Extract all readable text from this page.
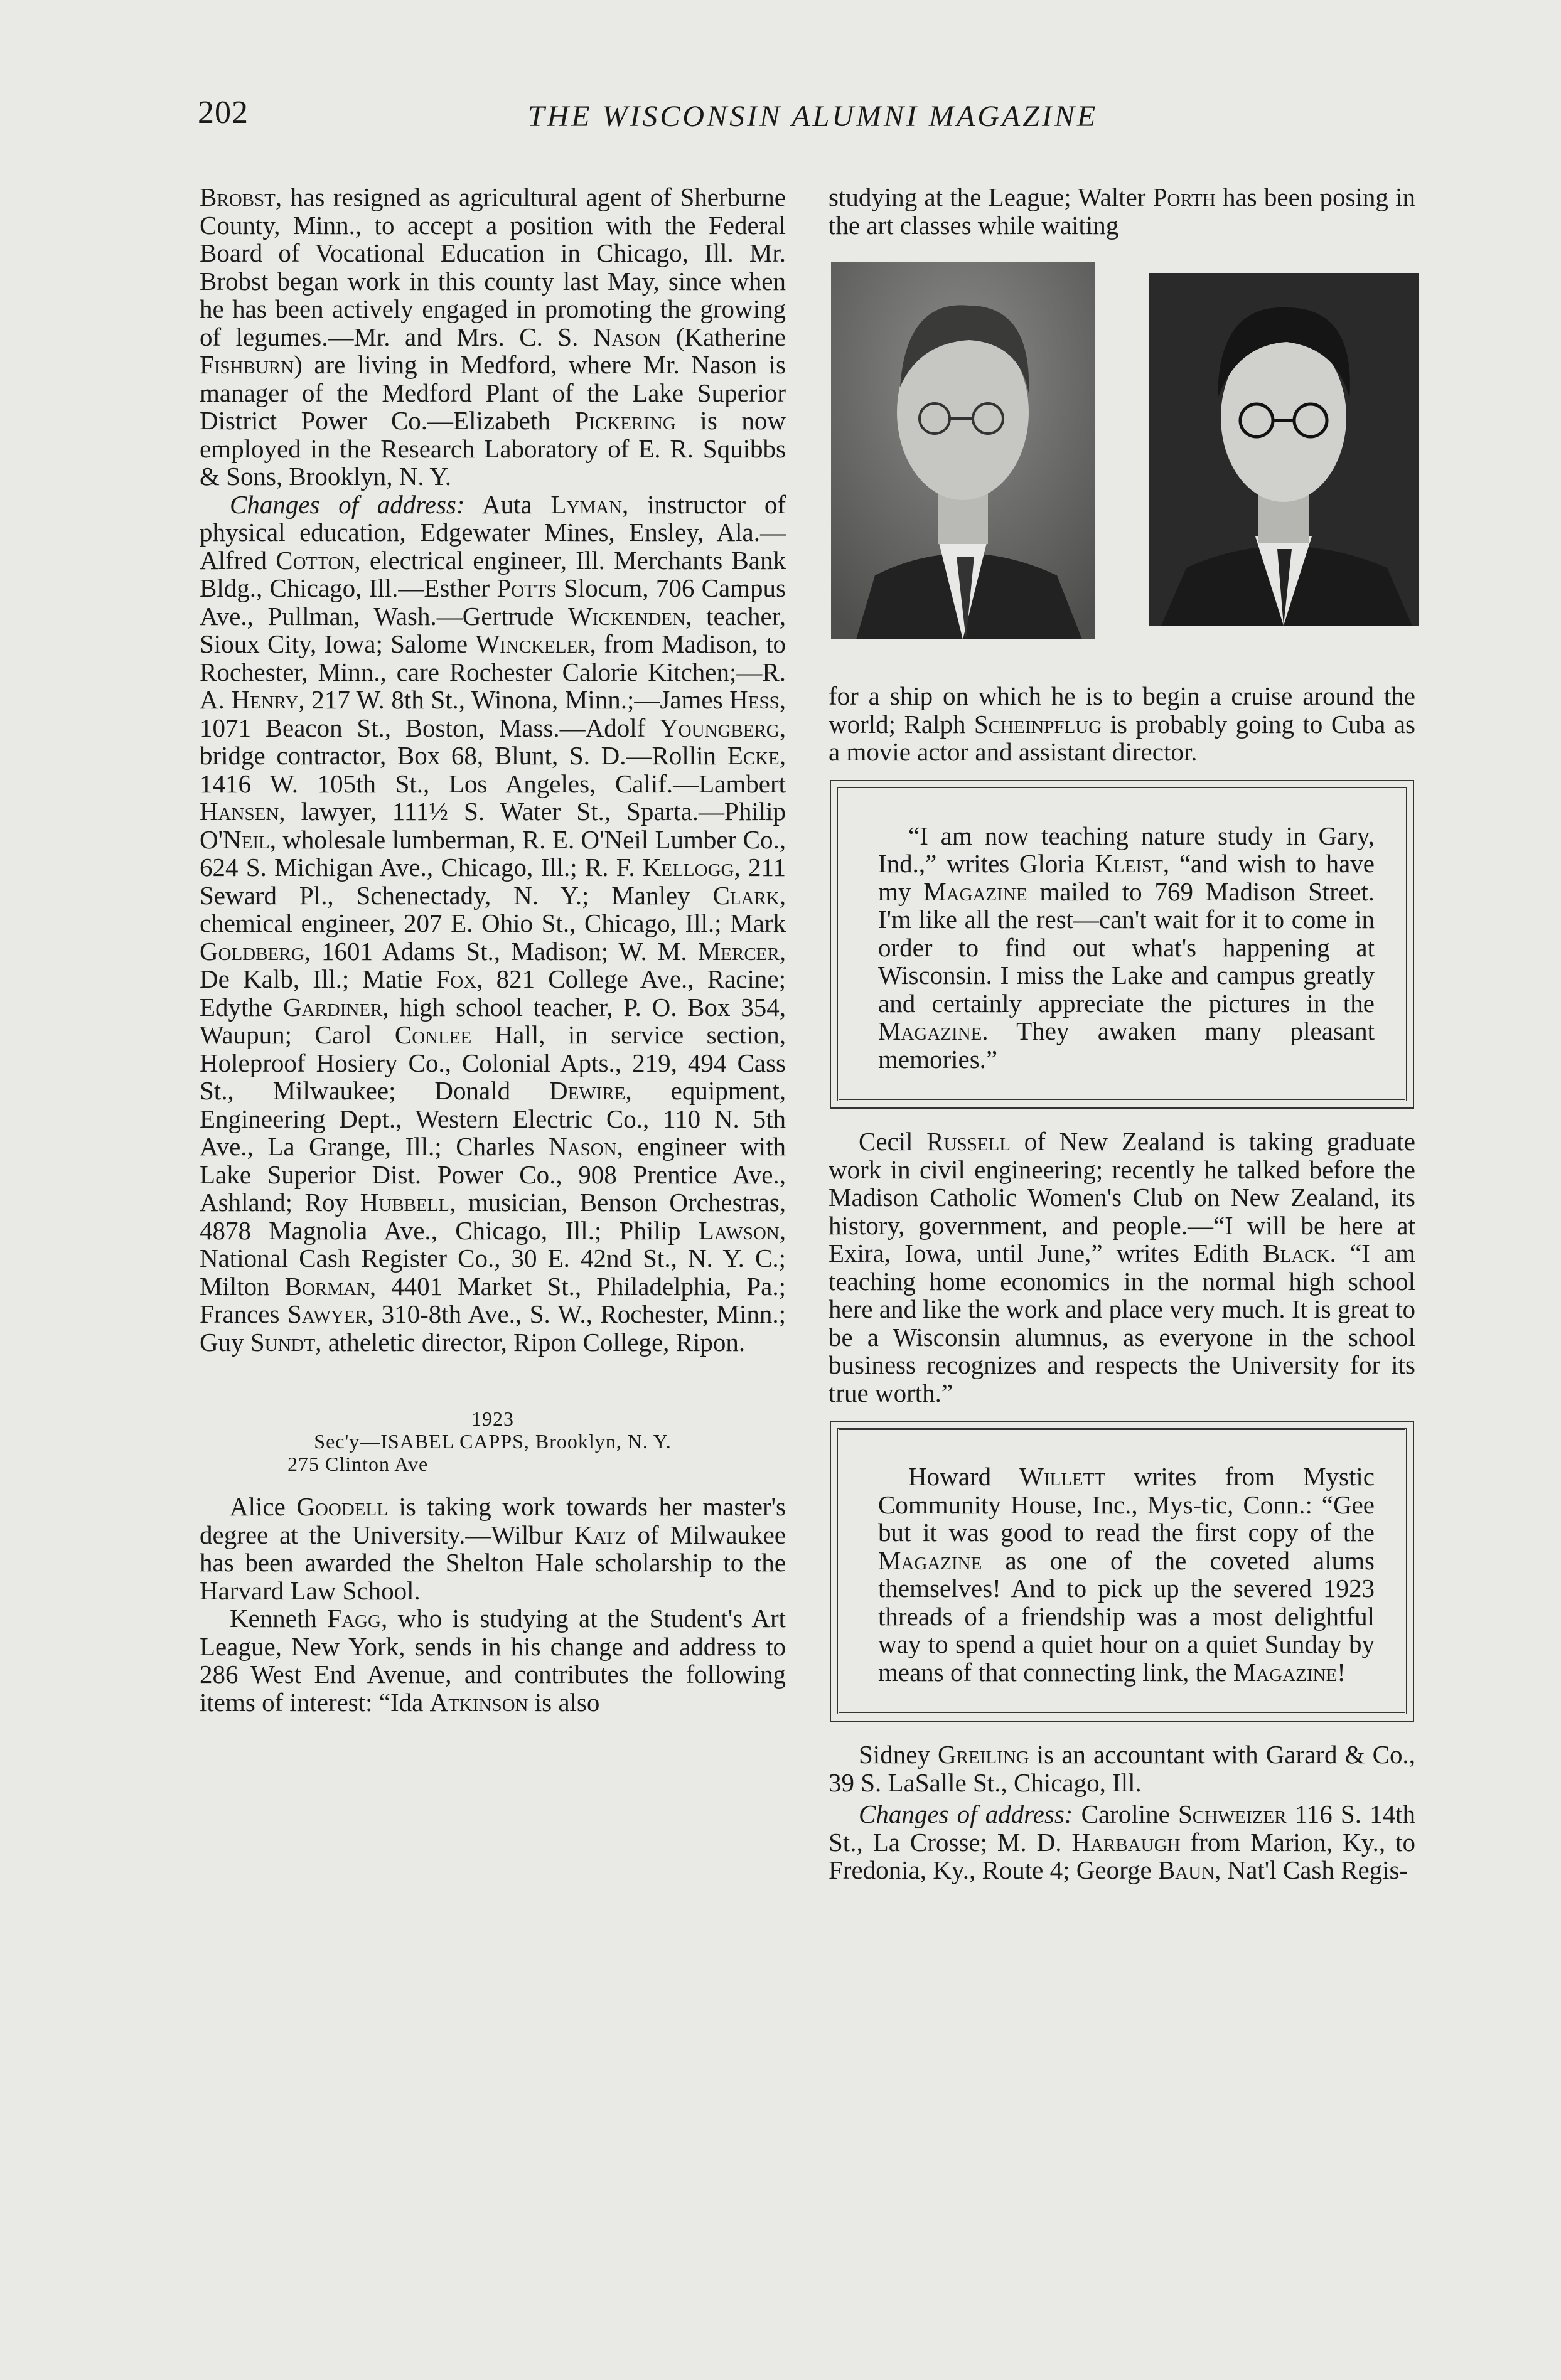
202	THE WISCONSIN ALUMNI MAGAZINE

Brobst, has resigned as agricultural agent of Sherburne County, Minn., to accept a position with the Federal Board of Vocational Education in Chicago, Ill. Mr. Brobst began work in this county last May, since when he has been actively engaged in promoting the growing of legumes.—Mr. and Mrs. C. S. Nason (Katherine Fishburn) are living in Medford, where Mr. Nason is manager of the Medford Plant of the Lake Superior District Power Co.—Elizabeth Pickering is now employed in the Research Laboratory of E. R. Squibbs & Sons, Brooklyn, N. Y.

Changes of address: Auta Lyman, instructor of physical education, Edgewater Mines, Ensley, Ala.—Alfred Cotton, electrical engineer, Ill. Merchants Bank Bldg., Chicago, Ill.—Esther Potts Slocum, 706 Campus Ave., Pullman, Wash.—Gertrude Wickenden, teacher, Sioux City, Iowa; Salome Winckeler, from Madison, to Rochester, Minn., care Rochester Calorie Kitchen;—R. A. Henry, 217 W. 8th St., Winona, Minn.;—James Hess, 1071 Beacon St., Boston, Mass.—Adolf Youngberg, bridge contractor, Box 68, Blunt, S. D.—Rollin Ecke, 1416 W. 105th St., Los Angeles, Calif.—Lambert Hansen, lawyer, 111½ S. Water St., Sparta.—Philip O'Neil, wholesale lumberman, R. E. O'Neil Lumber Co., 624 S. Michigan Ave., Chicago, Ill.; R. F. Kellogg, 211 Seward Pl., Schenectady, N. Y.; Manley Clark, chemical engineer, 207 E. Ohio St., Chicago, Ill.; Mark Goldberg, 1601 Adams St., Madison; W. M. Mercer, De Kalb, Ill.; Matie Fox, 821 College Ave., Racine; Edythe Gardiner, high school teacher, P. O. Box 354, Waupun; Carol Conlee Hall, in service section, Holeproof Hosiery Co., Colonial Apts., 219, 494 Cass St., Milwaukee; Donald Dewire, equipment, Engineering Dept., Western Electric Co., 110 N. 5th Ave., La Grange, Ill.; Charles Nason, engineer with Lake Superior Dist. Power Co., 908 Prentice Ave., Ashland; Roy Hubbell, musician, Benson Orchestras, 4878 Magnolia Ave., Chicago, Ill.; Philip Lawson, National Cash Register Co., 30 E. 42nd St., N. Y. C.; Milton Borman, 4401 Market St., Philadelphia, Pa.; Frances Sawyer, 310-8th Ave., S. W., Rochester, Minn.; Guy Sundt, atheletic director, Ripon College, Ripon.

1923
Sec'y—ISABEL CAPPS, Brooklyn, N. Y.
275 Clinton Ave

Alice Goodell is taking work towards her master's degree at the University.—Wilbur Katz of Milwaukee has been awarded the Shelton Hale scholarship to the Harvard Law School.

Kenneth Fagg, who is studying at the Student's Art League, New York, sends in his change and address to 286 West End Avenue, and contributes the following items of interest: “Ida Atkinson is also

studying at the League; Walter Porth has been posing in the art classes while waiting

for a ship on which he is to begin a cruise around the world; Ralph Scheinpflug is probably going to Cuba as a movie actor and assistant director.

“I am now teaching nature study in Gary, Ind.,” writes Gloria Kleist, “and wish to have my Magazine mailed to 769 Madison Street. I'm like all the rest—can't wait for it to come in order to find out what's happening at Wisconsin. I miss the Lake and campus greatly and certainly appreciate the pictures in the Magazine. They awaken many pleasant memories.”

Cecil Russell of New Zealand is taking graduate work in civil engineering; recently he talked before the Madison Catholic Women's Club on New Zealand, its history, government, and people.—“I will be here at Exira, Iowa, until June,” writes Edith Black. “I am teaching home economics in the normal high school here and like the work and place very much. It is great to be a Wisconsin alumnus, as everyone in the school business recognizes and respects the University for its true worth.”

Howard Willett writes from Mystic Community House, Inc., Mys-tic, Conn.: “Gee but it was good to read the first copy of the Magazine as one of the coveted alums themselves! And to pick up the severed 1923 threads of a friendship was a most delightful way to spend a quiet hour on a quiet Sunday by means of that connecting link, the Magazine!

Sidney Greiling is an accountant with Garard & Co., 39 S. LaSalle St., Chicago, Ill.

Changes of address: Caroline Schweizer 116 S. 14th St., La Crosse; M. D. Harbaugh from Marion, Ky., to Fredonia, Ky., Route 4; George Baun, Nat'l Cash Regis-
